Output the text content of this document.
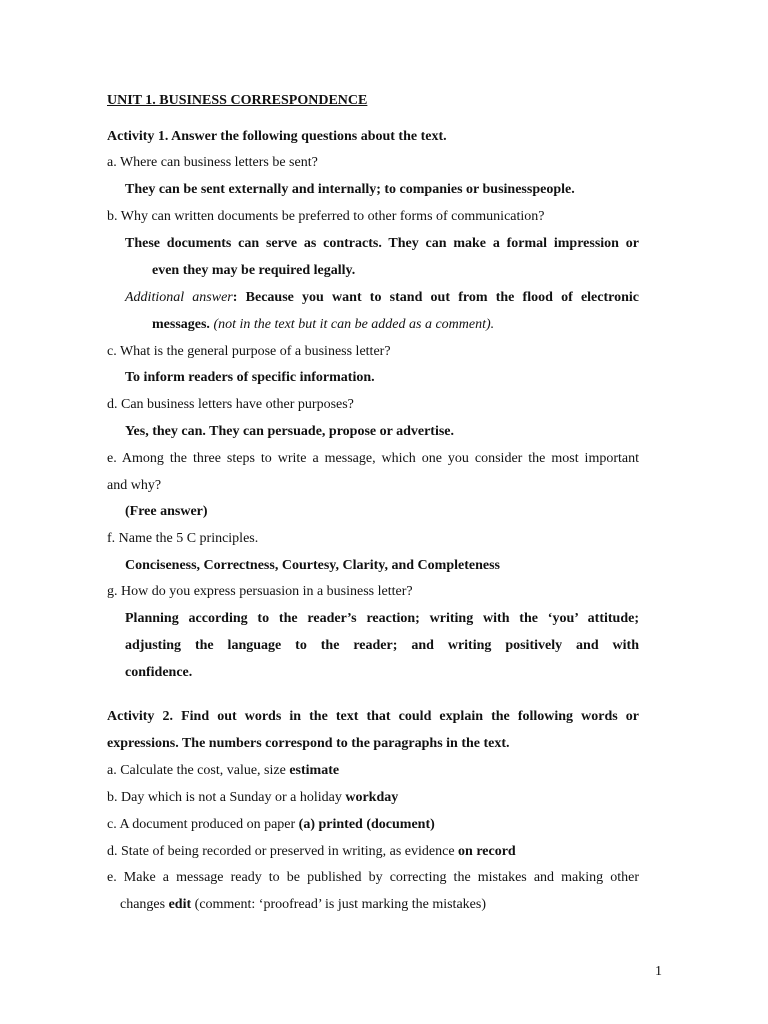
UNIT 1. BUSINESS CORRESPONDENCE
Activity 1. Answer the following questions about the text.
a. Where can business letters be sent?
They can be sent externally and internally; to companies or businesspeople.
b. Why can written documents be preferred to other forms of communication?
These documents can serve as contracts. They can make a formal impression or
even they may be required legally.
Additional answer: Because you want to stand out from the flood of electronic
messages. (not in the text but it can be added as a comment).
c. What is the general purpose of a business letter?
To inform readers of specific information.
d. Can business letters have other purposes?
Yes, they can. They can persuade, propose or advertise.
e. Among the three steps to write a message, which one you consider the most important
and why?
(Free answer)
f. Name the 5 C principles.
Conciseness, Correctness, Courtesy, Clarity, and Completeness
g. How do you express persuasion in a business letter?
Planning according to the reader’s reaction; writing with the ‘you’ attitude;
adjusting the language to the reader; and writing positively and with
confidence.
Activity 2. Find out words in the text that could explain the following words or
expressions. The numbers correspond to the paragraphs in the text.
a. Calculate the cost, value, size estimate
b. Day which is not a Sunday or a holiday workday
c. A document produced on paper (a) printed (document)
d. State of being recorded or preserved in writing, as evidence on record
e. Make a message ready to be published by correcting the mistakes and making other
changes edit (comment: ‘proofread’ is just marking the mistakes)
1
